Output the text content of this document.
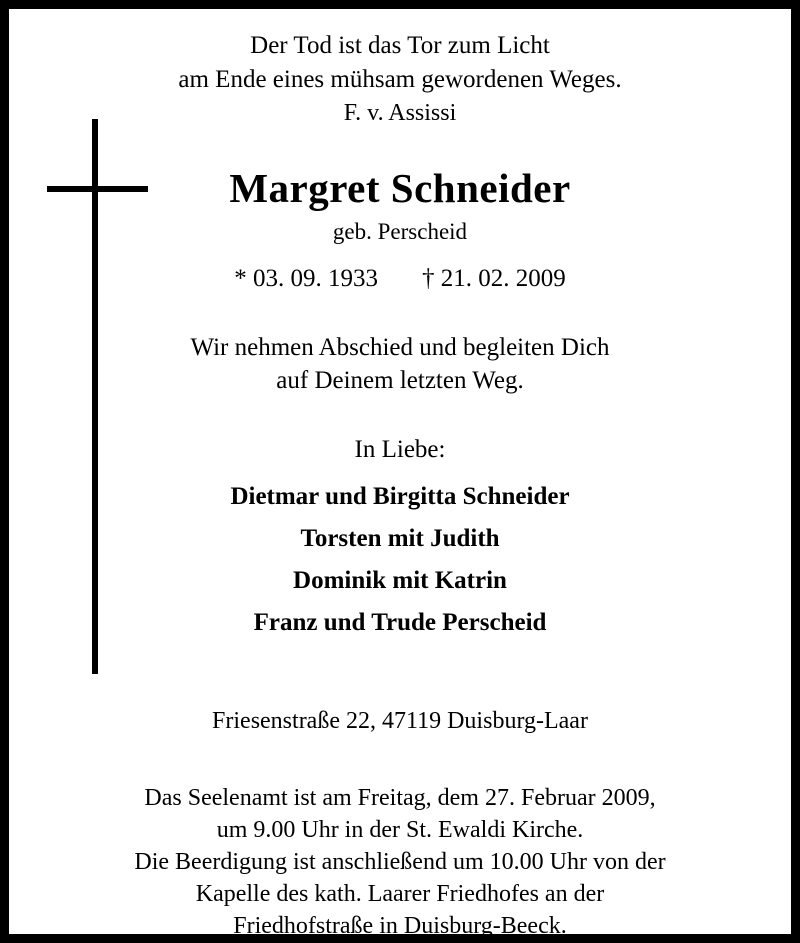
Der Tod ist das Tor zum Licht
am Ende eines mühsam gewordenen Weges.
F. v. Assissi
Margret Schneider
geb. Perscheid
* 03. 09. 1933 † 21. 02. 2009
Wir nehmen Abschied und begleiten Dich
auf Deinem letzten Weg.
In Liebe:
Dietmar und Birgitta Schneider
Torsten mit Judith
Dominik mit Katrin
Franz und Trude Perscheid
Friesenstraße 22, 47119 Duisburg-Laar
Das Seelenamt ist am Freitag, dem 27. Februar 2009,
um 9.00 Uhr in der St. Ewaldi Kirche.
Die Beerdigung ist anschließend um 10.00 Uhr von der
Kapelle des kath. Laarer Friedhofes an der
Friedhofstraße in Duisburg-Beeck.
